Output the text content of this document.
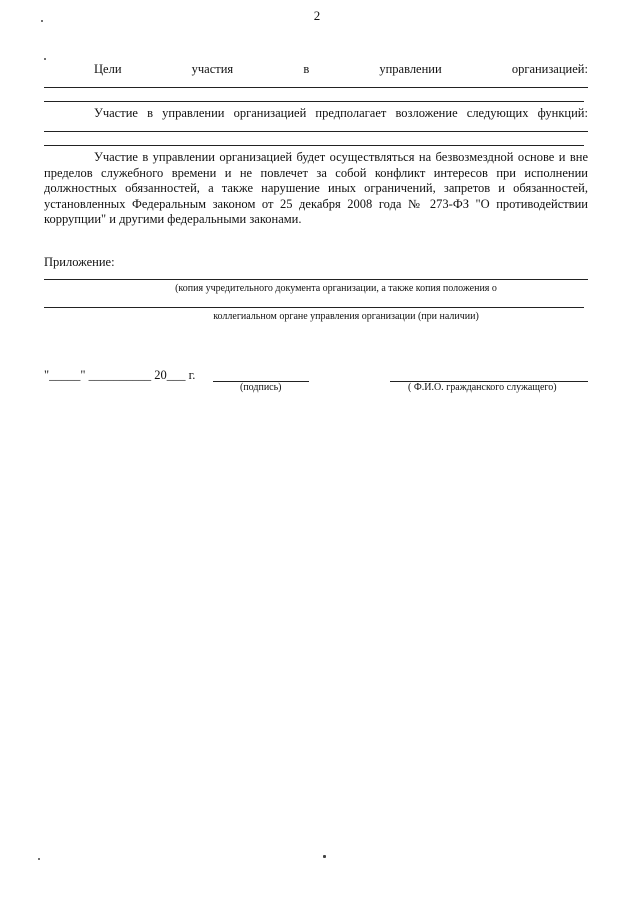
2
Цели	участия	в	управлении	организацией:
Участие в управлении организацией предполагает возложение следующих функций:
Участие в управлении организацией будет осуществляться на безвозмездной основе и вне
пределов служебного времени и не повлечет за собой конфликт интересов при исполнении
должностных обязанностей, а также нарушение иных ограничений, запретов и обязанностей,
установленных Федеральным законом от 25 декабря 2008 года № 273-ФЗ "О противодействии
коррупции" и другими федеральными законами.
Приложение:
(копия учредительного документа организации, а также копия положения о
коллегиальном органе управления организации (при наличии)
"_____" __________ 20___ г.
(подпись)	( Ф.И.О. гражданского служащего)
